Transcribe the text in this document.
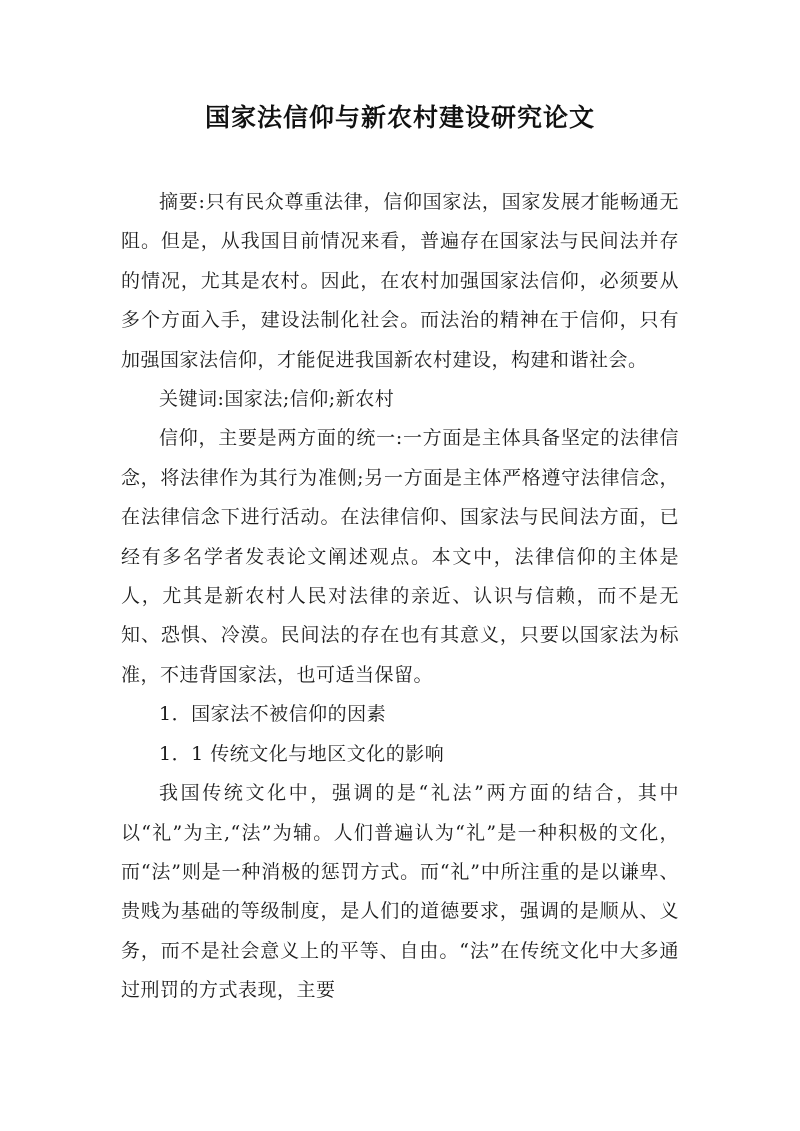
国家法信仰与新农村建设研究论文

摘要:只有民众尊重法律，信仰国家法，国家发展才能畅通无阻。但是，从我国目前情况来看，普遍存在国家法与民间法并存的情况，尤其是农村。因此，在农村加强国家法信仰，必须要从多个方面入手，建设法制化社会。而法治的精神在于信仰，只有加强国家法信仰，才能促进我国新农村建设，构建和谐社会。

关键词:国家法;信仰;新农村

信仰，主要是两方面的统一:一方面是主体具备坚定的法律信念，将法律作为其行为准侧;另一方面是主体严格遵守法律信念，在法律信念下进行活动。在法律信仰、国家法与民间法方面，已经有多名学者发表论文阐述观点。本文中，法律信仰的主体是人，尤其是新农村人民对法律的亲近、认识与信赖，而不是无知、恐惧、冷漠。民间法的存在也有其意义，只要以国家法为标准，不违背国家法，也可适当保留。

1．国家法不被信仰的因素

1．1 传统文化与地区文化的影响

我国传统文化中，强调的是“礼法”两方面的结合，其中以“礼”为主,“法”为辅。人们普遍认为“礼”是一种积极的文化，而“法”则是一种消极的惩罚方式。而“礼”中所注重的是以谦卑、贵贱为基础的等级制度，是人们的道德要求，强调的是顺从、义务，而不是社会意义上的平等、自由。“法”在传统文化中大多通过刑罚的方式表现，主要
